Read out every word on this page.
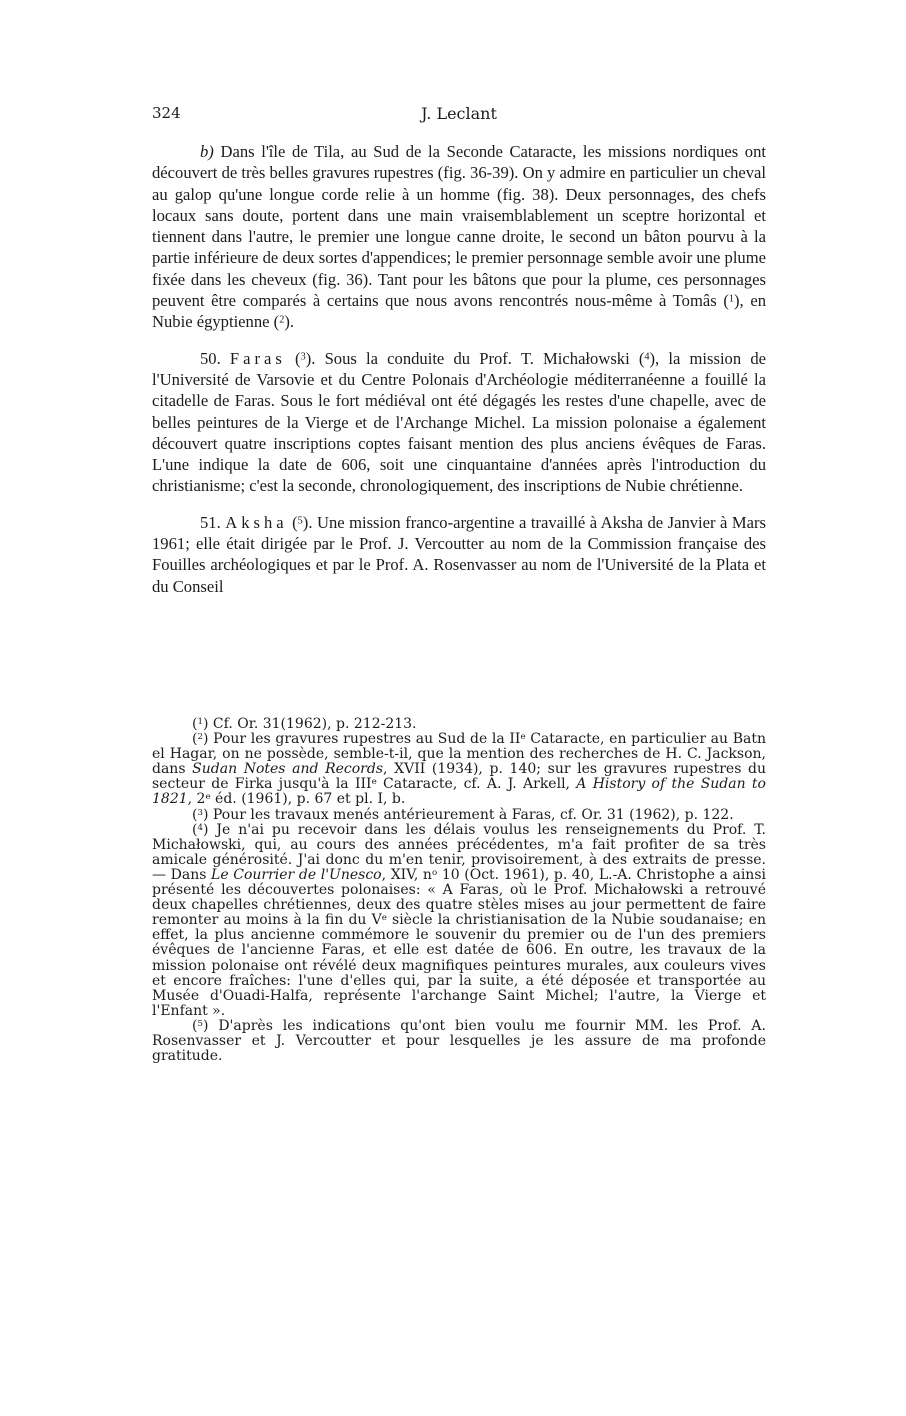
324	J. Leclant

b) Dans l'île de Tila, au Sud de la Seconde Cataracte, les missions nordiques ont découvert de très belles gravures rupestres (fig. 36-39). On y admire en particulier un cheval au galop qu'une longue corde relie à un homme (fig. 38). Deux personnages, des chefs locaux sans doute, portent dans une main vraisemblablement un sceptre horizontal et tiennent dans l'autre, le premier une longue canne droite, le second un bâton pourvu à la partie inférieure de deux sortes d'appendices; le premier personnage semble avoir une plume fixée dans les cheveux (fig. 36). Tant pour les bâtons que pour la plume, ces personnages peuvent être comparés à certains que nous avons rencontrés nous-même à Tomâs ($^1$), en Nubie égyptienne ($^2$).

50. Faras ($^3$). Sous la conduite du Prof. T. Michałowski ($^4$), la mission de l'Université de Varsovie et du Centre Polonais d'Archéologie méditerranéenne a fouillé la citadelle de Faras. Sous le fort médiéval ont été dégagés les restes d'une chapelle, avec de belles peintures de la Vierge et de l'Archange Michel. La mission polonaise a également découvert quatre inscriptions coptes faisant mention des plus anciens évêques de Faras. L'une indique la date de 606, soit une cinquantaine d'années après l'introduction du christianisme; c'est la seconde, chronologiquement, des inscriptions de Nubie chrétienne.

51. Aksha ($^5$). Une mission franco-argentine a travaillé à Aksha de Janvier à Mars 1961; elle était dirigée par le Prof. J. Vercoutter au nom de la Commission française des Fouilles archéologiques et par le Prof. A. Rosenvasser au nom de l'Université de la Plata et du Conseil

($^1$) Cf. Or. 31(1962), p. 212-213.

($^2$) Pour les gravures rupestres au Sud de la IIe Cataracte, en particulier au Batn el Hagar, on ne possède, semble-t-il, que la mention des recherches de H. C. Jackson, dans Sudan Notes and Records, XVII (1934), p. 140; sur les gravures rupestres du secteur de Firka jusqu'à la IIIe Cataracte, cf. A. J. Arkell, A History of the Sudan to 1821, 2e éd. (1961), p. 67 et pl. I, b.

($^3$) Pour les travaux menés antérieurement à Faras, cf. Or. 31 (1962), p. 122.

($^4$) Je n'ai pu recevoir dans les délais voulus les renseignements du Prof. T. Michałowski, qui, au cours des années précédentes, m'a fait profiter de sa très amicale générosité. J'ai donc du m'en tenir, provisoirement, à des extraits de presse. — Dans Le Courrier de l'Unesco, XIV, $n^o$ 10 (Oct. 1961), p. 40, L.-A. Christophe a ainsi présenté les découvertes polonaises: « A Faras, où le Prof. Michałowski a retrouvé deux chapelles chrétiennes, deux des quatre stèles mises au jour permettent de faire remonter au moins à la fin du Ve siècle la christianisation de la Nubie soudanaise; en effet, la plus ancienne commémore le souvenir du premier ou de l'un des premiers évêques de l'ancienne Faras, et elle est datée de 606. En outre, les travaux de la mission polonaise ont révélé deux magnifiques peintures murales, aux couleurs vives et encore fraîches: l'une d'elles qui, par la suite, a été déposée et transportée au Musée d'Ouadi-Halfa, représente l'archange Saint Michel; l'autre, la Vierge et l'Enfant ».

($^5$) D'après les indications qu'ont bien voulu me fournir MM. les Prof. A. Rosenvasser et J. Vercoutter et pour lesquelles je les assure de ma profonde gratitude.
